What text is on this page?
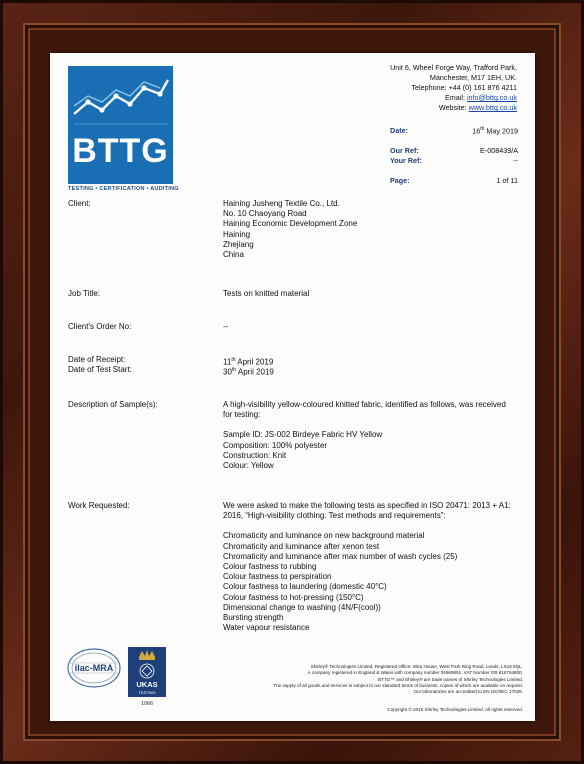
BTTG
TESTING • CERTIFICATION • AUDITING
Unit 6, Wheel Forge Way, Trafford Park,
Manchester, M17 1EH, UK.
Telephone: +44 (0) 161 876 4211
Email: info@bttg.co.uk
Website: www.bttg.co.uk
Date:	16th May 2019
Our Ref:	E-008439/A
Your Ref:	--
Page:	1 of 11
Client:	Haining Jusheng Textile Co., Ltd.
No. 10 Chaoyang Road
Haining Economic Development Zone
Haining
Zhejiang
China
Job Title:	Tests on knitted material
Client's Order No:	--
Date of Receipt:	11th April 2019
Date of Test Start:	30th April 2019
Description of Sample(s):	A high-visibility yellow-coloured knitted fabric, identified as follows, was received
for testing:
Sample ID: JS-002 Birdeye Fabric HV Yellow
Composition: 100% polyester
Construction: Knit
Colour: Yellow
Work Requested:	We were asked to make the following tests as specified in ISO 20471: 2013 + A1:
2016, “High-visibility clothing. Test methods and requirements”:
Chromaticity and luminance on new background material
Chromaticity and luminance after xenon test
Chromaticity and luminance after max number of wash cycles (25)
Colour fastness to rubbing
Colour fastness to perspiration
Colour fastness to laundering (domestic 40°C)
Colour fastness to hot-pressing (150°C)
Dimensional change to washing (4N/F(cool))
Bursting strength
Water vapour resistance
ilac-MRA
UKAS
TESTING
1066
Shirley® Technologies Limited. Registered Office: Wira House, West Park Ring Road, Leeds, LS16 6QL.
A company registered in England & Wales with company number 04669651. VAT Number GB 816764800.
BTTG™ and Shirley® are trade names of Shirley Technologies Limited.
The supply of all goods and services is subject to our standard terms of business, copies of which are available on request.
Our laboratories are accredited to EN ISO/IEC 17025.
Copyright © 2019 Shirley Technologies Limited. All rights reserved.
